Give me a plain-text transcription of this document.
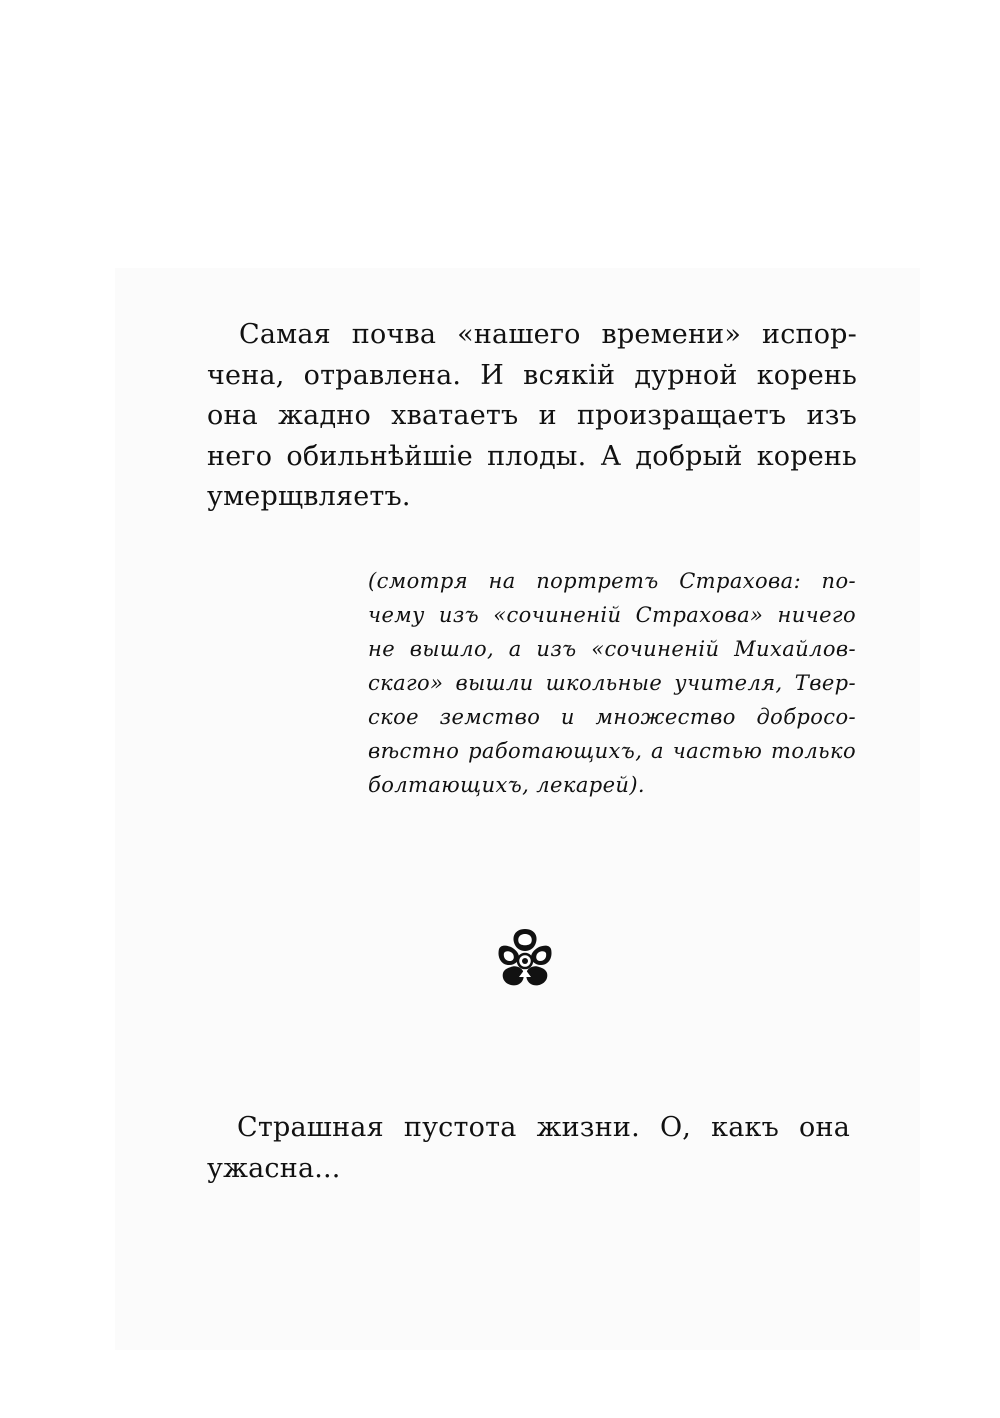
Самая почва «нашего времени» испор-
чена, отравлена. И всякій дурной корень
она жадно хватаетъ и произращаетъ изъ
него обильнѣйшіе плоды. А добрый корень
умерщвляетъ.
(смотря на портретъ Страхова: по-
чему изъ «сочиненій Страхова» ничего
не вышло, а изъ «сочиненій Михайлов-
скаго» вышли школьные учителя, Твер-
ское земство и множество добросо-
вѣстно работающихъ, а частью только
болтающихъ, лекарей).
Страшная пустота жизни. О, какъ она
ужасна...
